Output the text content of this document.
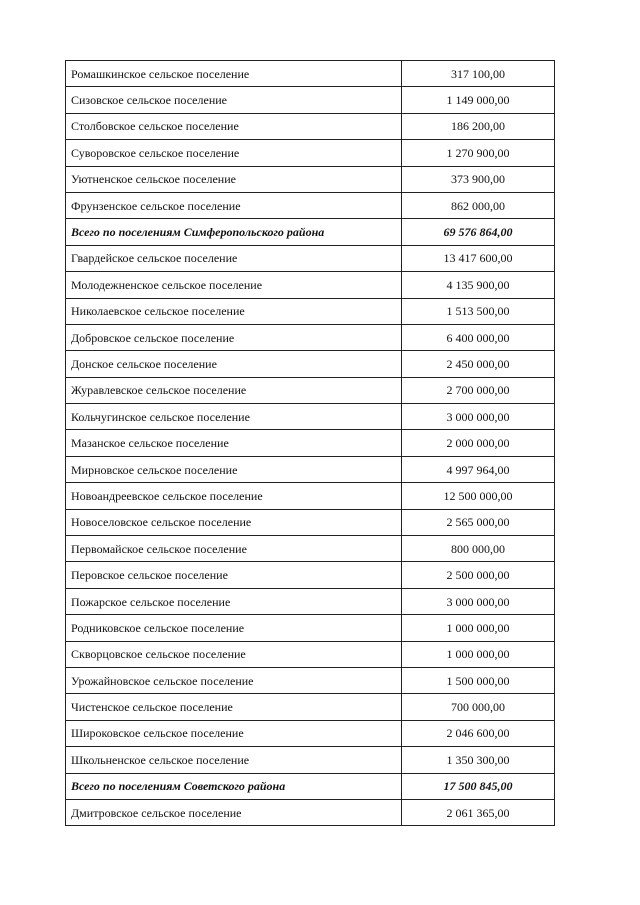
Ромашкинское сельское поселение	317 100,00
Сизовское сельское поселение	1 149 000,00
Столбовское сельское поселение	186 200,00
Суворовское сельское поселение	1 270 900,00
Уютненское сельское поселение	373 900,00
Фрунзенское сельское поселение	862 000,00
Всего по поселениям Симферопольского района	69 576 864,00
Гвардейское сельское поселение	13 417 600,00
Молодежненское сельское поселение	4 135 900,00
Николаевское сельское поселение	1 513 500,00
Добровское сельское поселение	6 400 000,00
Донское сельское поселение	2 450 000,00
Журавлевское сельское поселение	2 700 000,00
Кольчугинское сельское поселение	3 000 000,00
Мазанское сельское поселение	2 000 000,00
Мирновское сельское поселение	4 997 964,00
Новоандреевское сельское поселение	12 500 000,00
Новоселовское сельское поселение	2 565 000,00
Первомайское сельское поселение	800 000,00
Перовское сельское поселение	2 500 000,00
Пожарское сельское поселение	3 000 000,00
Родниковское сельское поселение	1 000 000,00
Скворцовское сельское поселение	1 000 000,00
Урожайновское сельское поселение	1 500 000,00
Чистенское сельское поселение	700 000,00
Широковское сельское поселение	2 046 600,00
Школьненское сельское поселение	1 350 300,00
Всего по поселениям Советского района	17 500 845,00
Дмитровское сельское поселение	2 061 365,00
